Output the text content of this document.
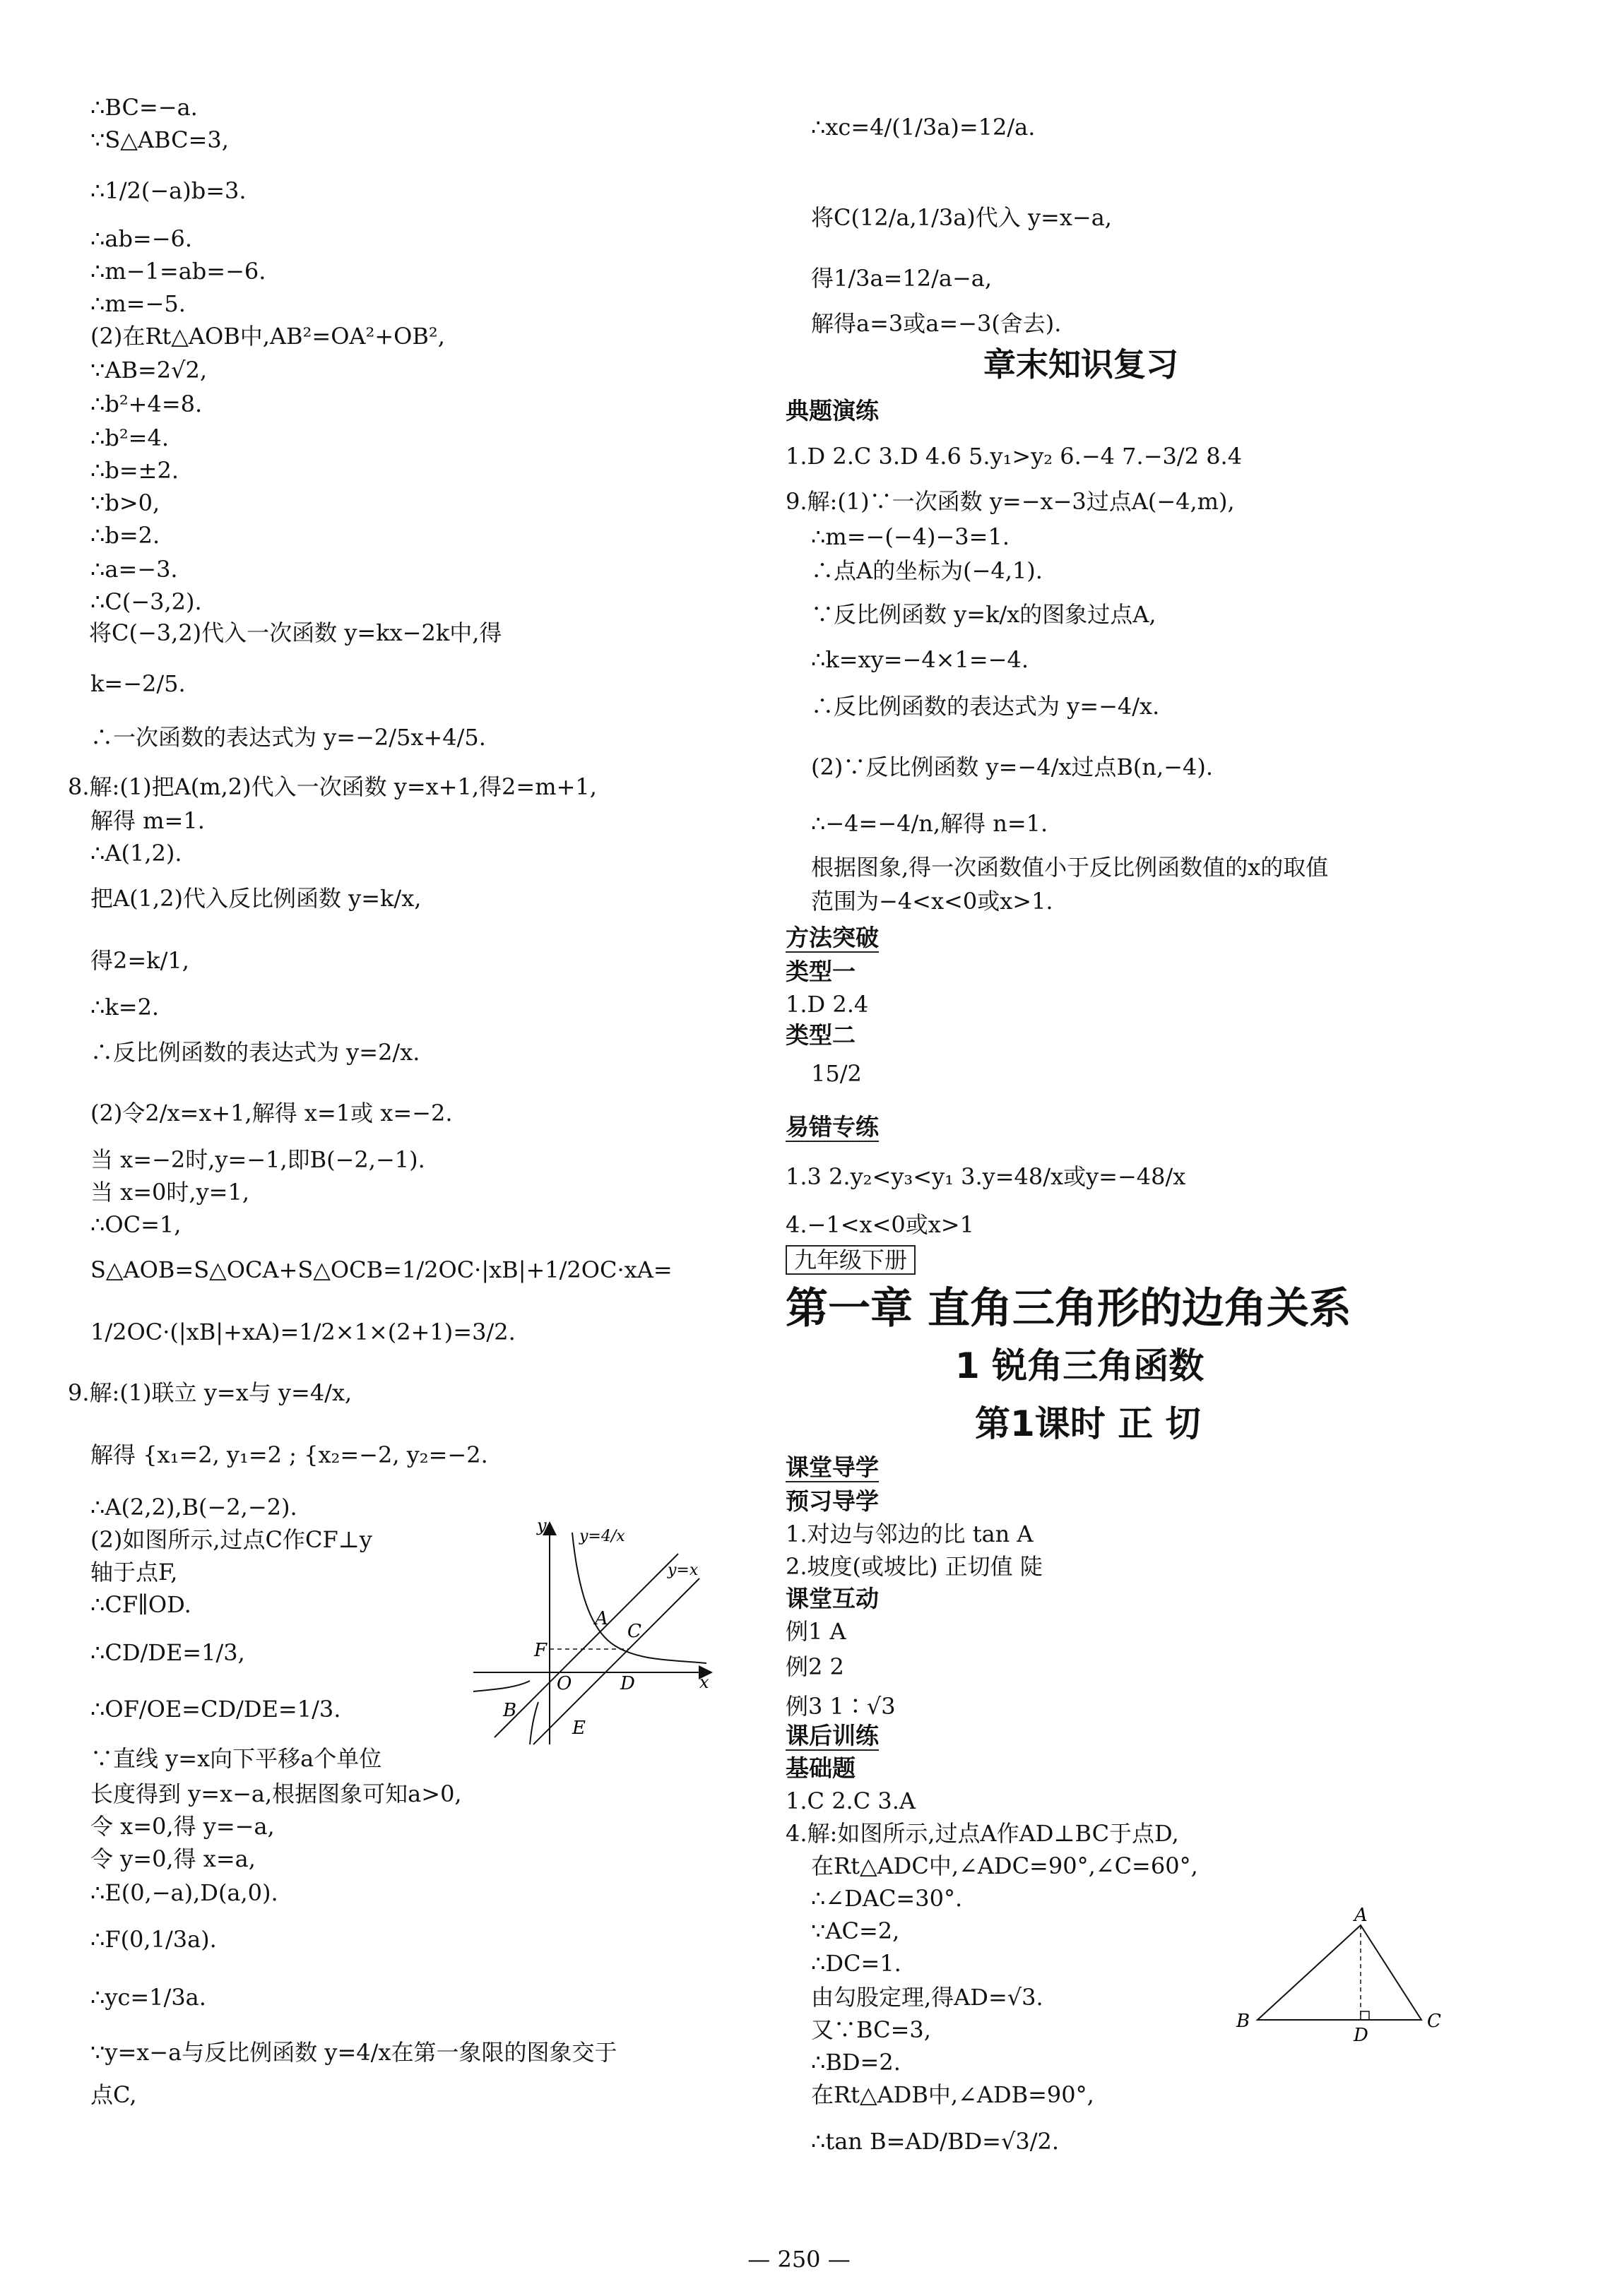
∴BC=−a.
∵S△ABC=3,
∴1/2(−a)b=3.
∴ab=−6.
∴m−1=ab=−6.
∴m=−5.
(2)在Rt△AOB中,AB²=OA²+OB²,
∵AB=2√2,
∴b²+4=8.
∴b²=4.
∴b=±2.
∵b>0,
∴b=2.
∴a=−3.
∴C(−3,2).
将C(−3,2)代入一次函数 y=kx−2k中,得
k=−2/5.
∴一次函数的表达式为 y=−2/5x+4/5.
8.解:(1)把A(m,2)代入一次函数 y=x+1,得2=m+1,
解得 m=1.
∴A(1,2).
把A(1,2)代入反比例函数 y=k/x,
得2=k/1,
∴k=2.
∴反比例函数的表达式为 y=2/x.
(2)令2/x=x+1,解得 x=1或 x=−2.
当 x=−2时,y=−1,即B(−2,−1).
当 x=0时,y=1,
∴OC=1,
S△AOB=S△OCA+S△OCB=1/2OC·|xB|+1/2OC·xA=
1/2OC·(|xB|+xA)=1/2×1×(2+1)=3/2.
9.解:(1)联立 y=x与 y=4/x,
解得 {x₁=2, y₁=2 ; {x₂=−2, y₂=−2.
∴A(2,2),B(−2,−2).
(2)如图所示,过点C作CF⊥y
轴于点F,
∴CF∥OD.
∴CD/DE=1/3,
∴OF/OE=CD/DE=1/3.
∵直线 y=x向下平移a个单位
长度得到 y=x−a,根据图象可知a>0,
令 x=0,得 y=−a,
令 y=0,得 x=a,
∴E(0,−a),D(a,0).
∴F(0,1/3a).
∴yc=1/3a.
∵y=x−a与反比例函数 y=4/x在第一象限的图象交于
点C,
y
y=4/x
y=x
A
C
F
O	D	x
B
E
∴xc=4/(1/3a)=12/a.
将C(12/a,1/3a)代入 y=x−a,
得1/3a=12/a−a,
解得a=3或a=−3(舍去).
章末知识复习
典题演练
1.D 2.C 3.D 4.6 5.y₁>y₂ 6.−4 7.−3/2 8.4
9.解:(1)∵一次函数 y=−x−3过点A(−4,m),
∴m=−(−4)−3=1.
∴点A的坐标为(−4,1).
∵反比例函数 y=k/x的图象过点A,
∴k=xy=−4×1=−4.
∴反比例函数的表达式为 y=−4/x.
(2)∵反比例函数 y=−4/x过点B(n,−4).
∴−4=−4/n,解得 n=1.
根据图象,得一次函数值小于反比例函数值的x的取值
范围为−4<x<0或x>1.
方法突破
类型一
1.D 2.4
类型二
15/2
易错专练
1.3 2.y₂<y₃<y₁ 3.y=48/x或y=−48/x
4.−1<x<0或x>1
九年级下册
第一章 直角三角形的边角关系
1 锐角三角函数
第1课时 正 切
课堂导学
预习导学
1.对边与邻边的比 tan A
2.坡度(或坡比) 正切值 陡
课堂互动
例1 A
例2 2
例3 1∶√3
课后训练
基础题
1.C 2.C 3.A
4.解:如图所示,过点A作AD⊥BC于点D,
在Rt△ADC中,∠ADC=90°,∠C=60°,
∴∠DAC=30°.
∵AC=2,
∴DC=1.
由勾股定理,得AD=√3.
又∵BC=3,
∴BD=2.
在Rt△ADB中,∠ADB=90°,
∴tan B=AD/BD=√3/2.
A
B
D
C
— 250 —
